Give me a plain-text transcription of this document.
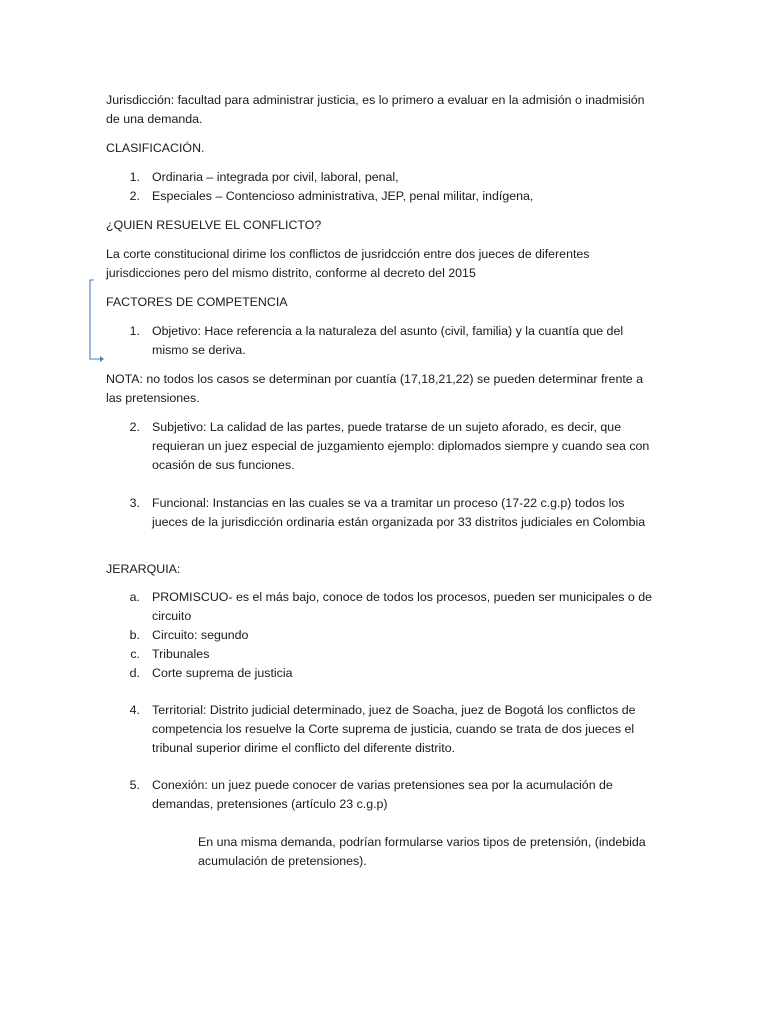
Jurisdicción: facultad para administrar justicia, es lo primero a evaluar en la admisión o inadmisión
de una demanda.
CLASIFICACIÓN.
1. Ordinaria – integrada por civil, laboral, penal,
2. Especiales – Contencioso administrativa, JEP, penal militar, indígena,
¿QUIEN RESUELVE EL CONFLICTO?
La corte constitucional dirime los conflictos de jusridcción entre dos jueces de diferentes
jurisdicciones pero del mismo distrito, conforme al decreto del 2015
FACTORES DE COMPETENCIA
1. Objetivo: Hace referencia a la naturaleza del asunto (civil, familia) y la cuantía que del
mismo se deriva.
NOTA: no todos los casos se determinan por cuantía (17,18,21,22) se pueden determinar frente a
las pretensiones.
2. Subjetivo: La calidad de las partes, puede tratarse de un sujeto aforado, es decir, que
requieran un juez especial de juzgamiento ejemplo: diplomados siempre y cuando sea con
ocasión de sus funciones.
3. Funcional: Instancias en las cuales se va a tramitar un proceso (17-22 c.g.p) todos los
jueces de la jurisdicción ordinaria están organizada por 33 distritos judiciales en Colombia
JERARQUIA:
a. PROMISCUO- es el más bajo, conoce de todos los procesos, pueden ser municipales o de
circuito
b. Circuito: segundo
c. Tribunales
d. Corte suprema de justicia
4. Territorial: Distrito judicial determinado, juez de Soacha, juez de Bogotá los conflictos de
competencia los resuelve la Corte suprema de justicia, cuando se trata de dos jueces el
tribunal superior dirime el conflicto del diferente distrito.
5. Conexión: un juez puede conocer de varias pretensiones sea por la acumulación de
demandas, pretensiones (artículo 23 c.g.p)
En una misma demanda, podrían formularse varios tipos de pretensión, (indebida
acumulación de pretensiones).
